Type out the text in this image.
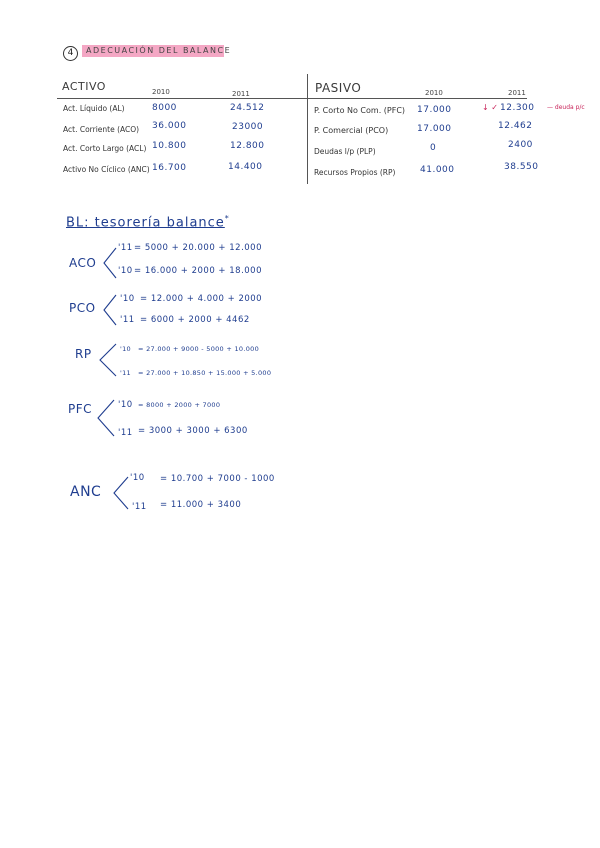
4	ADECUACIÓN DEL BALANCE
ACTIVO	PASIVO
2010	2011	2010	2011
Act. Líquido (AL)	8000	24.512
Act. Corriente (ACO) 36.000	23000
Act. Corto Largo (ACL) 10.800	12.800
Activo No Cíclico (ANC) 16.700	14.400
P. Corto No Com. (PFC) 17.000	↓ ✓ 12.300 — deuda p/c
P. Comercial (PCO)	17.000	12.462
Deudas l/p (PLP)	0	2400
Recursos Propios (RP)	41.000	38.550
BL: tesorería balance*
ACO
'11 = 5000 + 20.000 + 12.000
'10 = 16.000 + 2000 + 18.000
PCO
'10 = 12.000 + 4.000 + 2000
'11 = 6000 + 2000 + 4462
RP	'10 = 27.000 + 9000 - 5000 + 10.000
'11 = 27.000 + 10.850 + 15.000 + 5.000
PFC	'10 = 8000 + 2000 + 7000
'11 = 3000 + 3000 + 6300
ANC
'10 = 10.700 + 7000 - 1000
'11 = 11.000 + 3400
